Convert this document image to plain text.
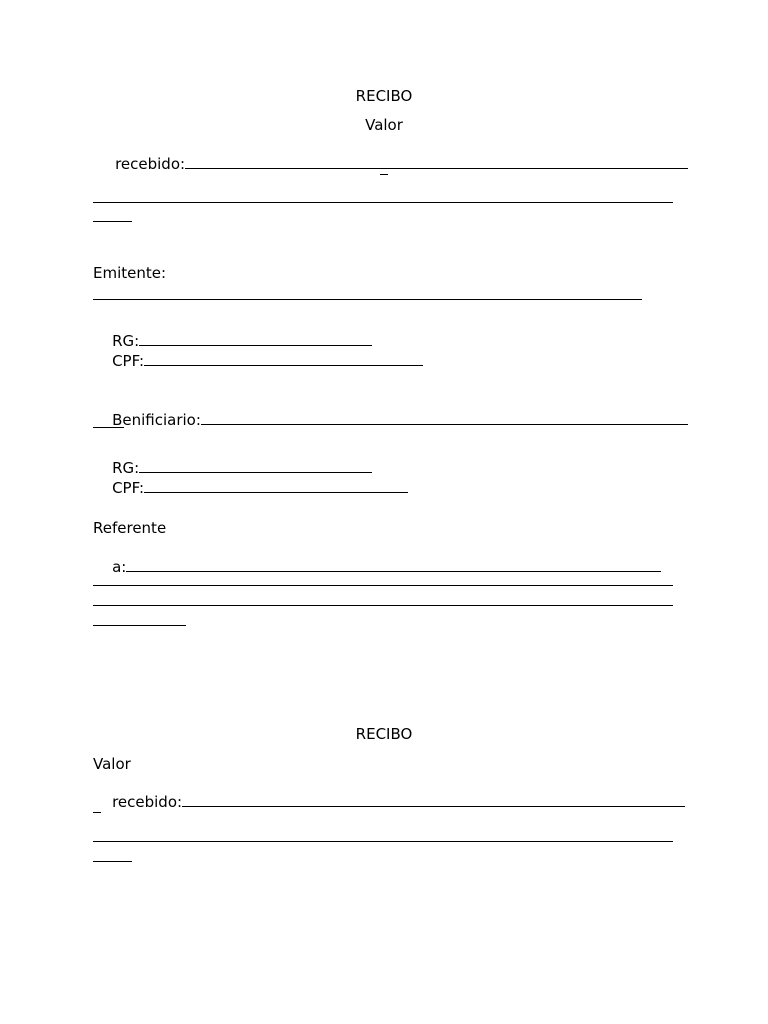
RECIBO
Valor

recebido:

Emitente:

RG:

CPF:

Benificiario:

RG:

CPF:

Referente

a:

RECIBO
Valor

recebido:
